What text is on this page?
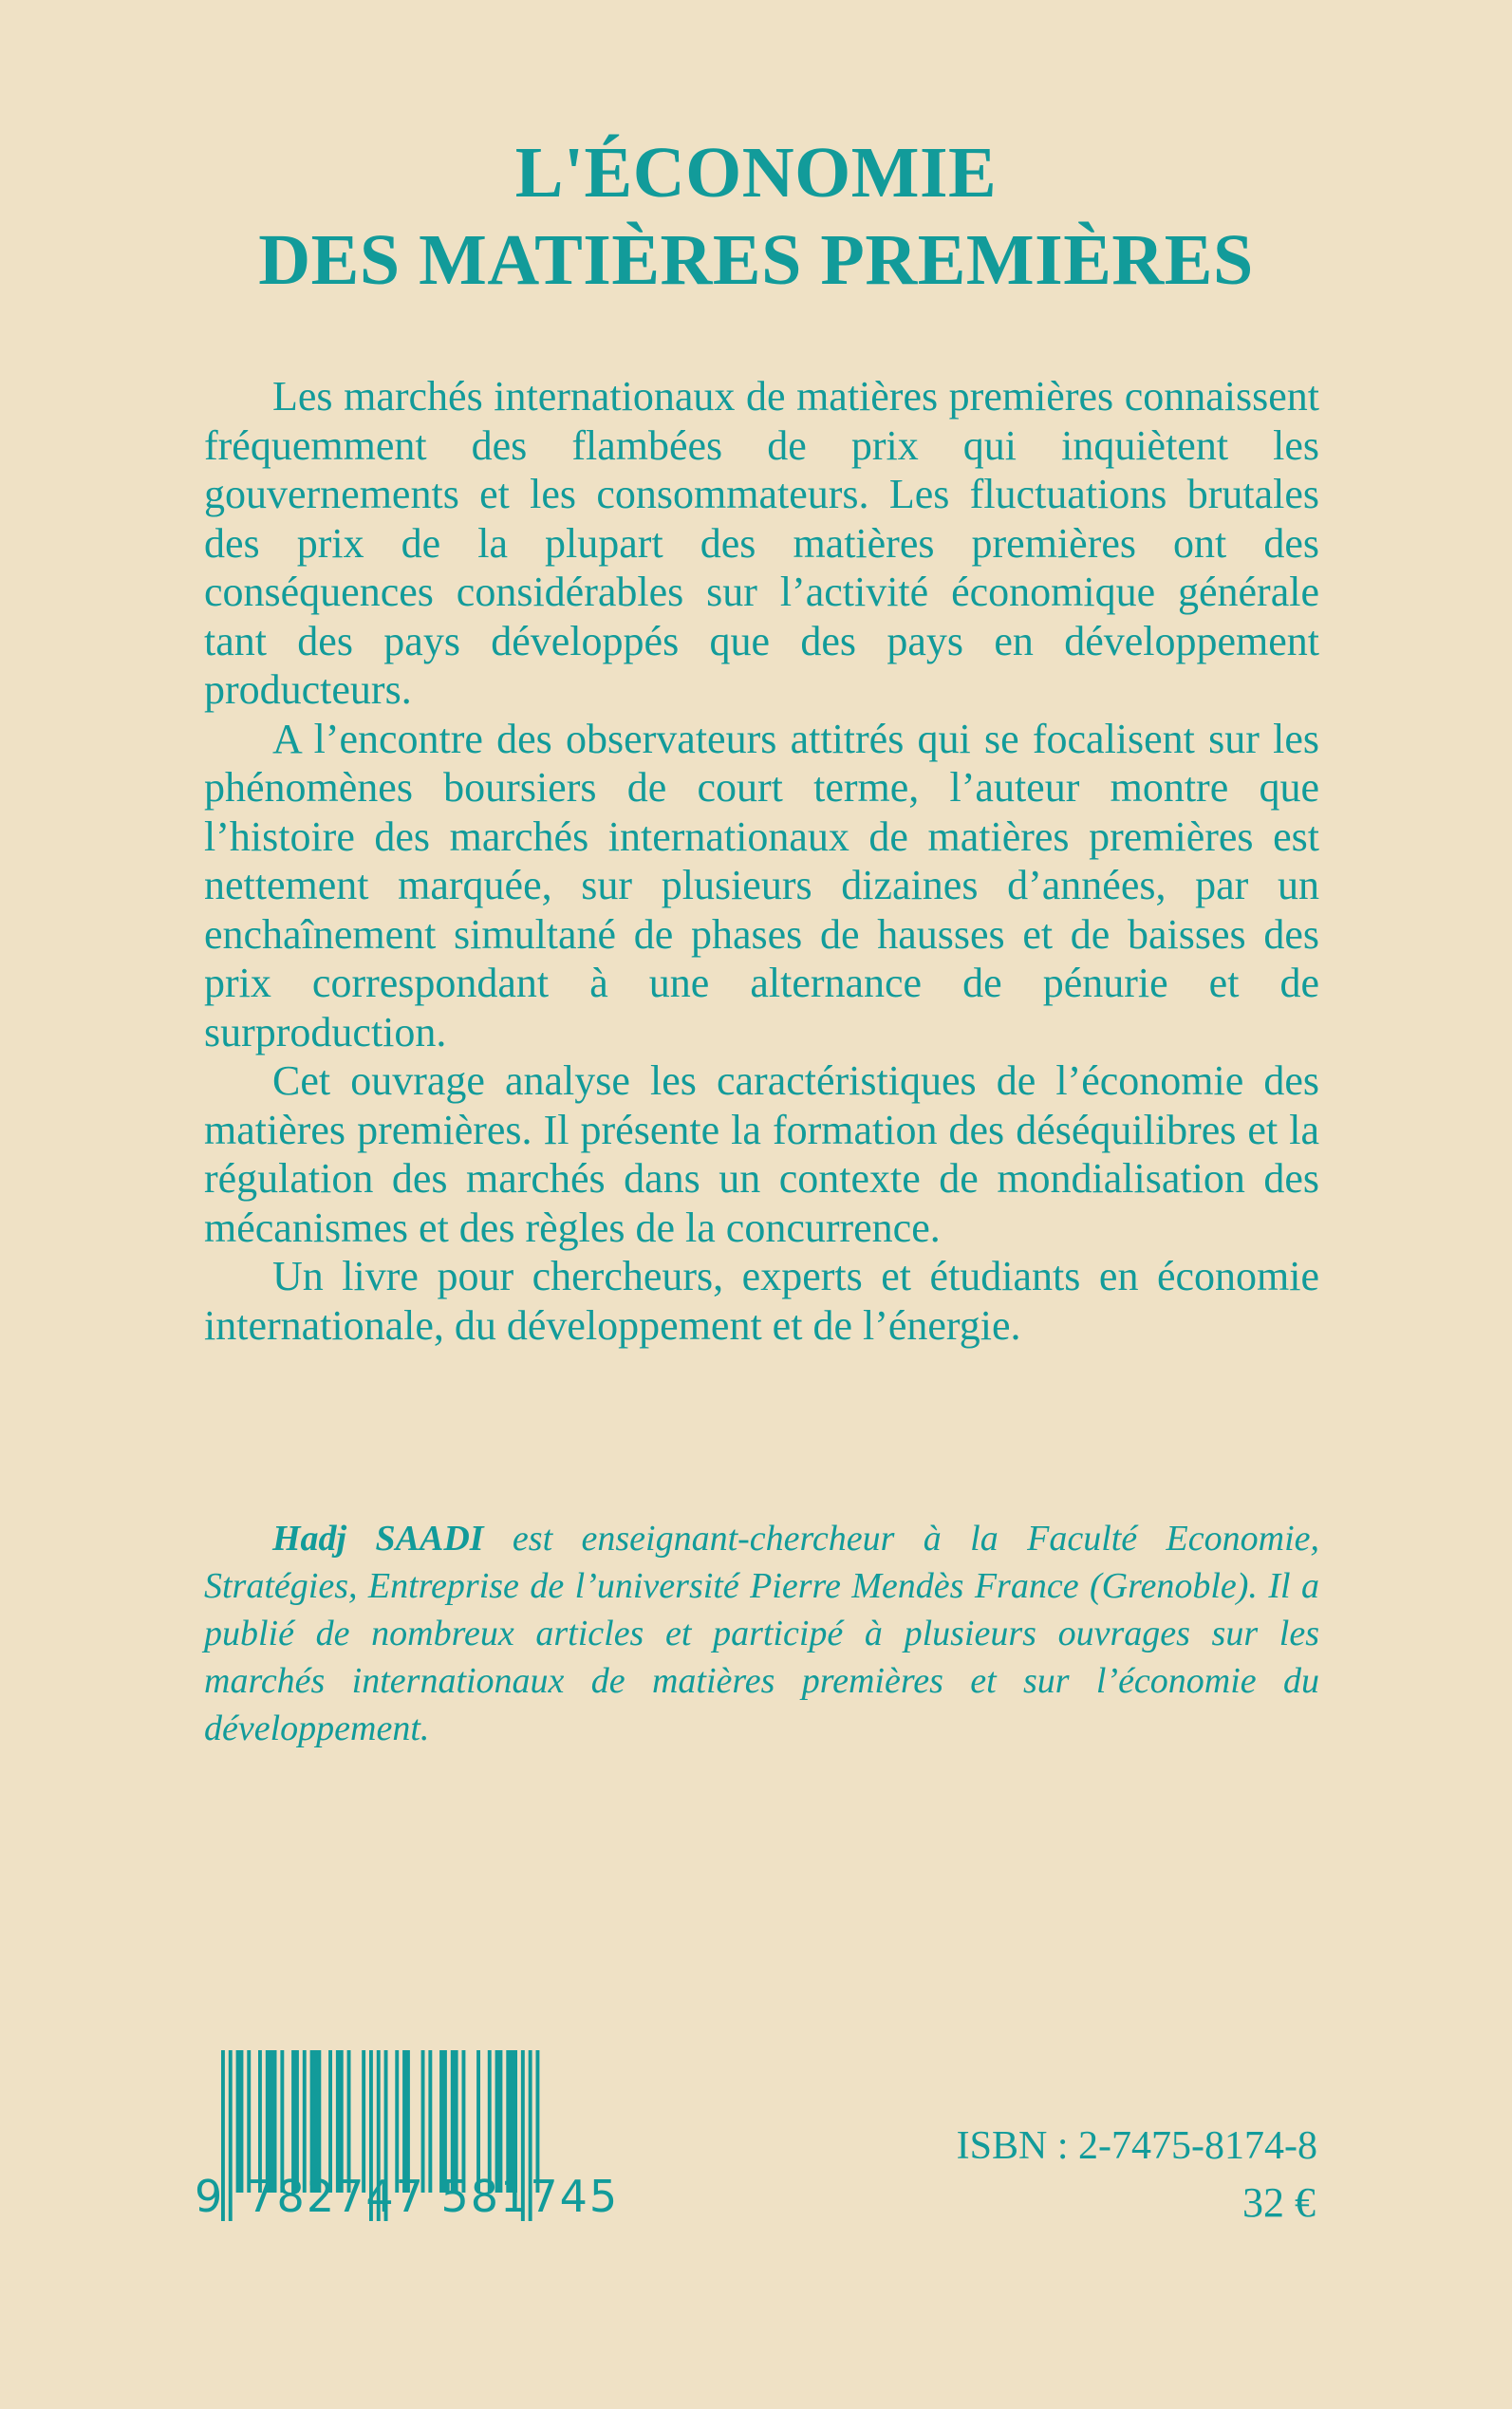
L'ÉCONOMIE
DES MATIÈRES PREMIÈRES

Les marchés internationaux de matières premières connaissent fréquemment des flambées de prix qui inquiètent les gouvernements et les consommateurs. Les fluctuations brutales des prix de la plupart des matières premières ont des conséquences considérables sur l’activité économique générale tant des pays développés que des pays en développement producteurs.

A l’encontre des observateurs attitrés qui se focalisent sur les phénomènes boursiers de court terme, l’auteur montre que l’histoire des marchés internationaux de matières premières est nettement marquée, sur plusieurs dizaines d’années, par un enchaînement simultané de phases de hausses et de baisses des prix correspondant à une alternance de pénurie et de surproduction.

Cet ouvrage analyse les caractéristiques de l’économie des matières premières. Il présente la formation des déséquilibres et la régulation des marchés dans un contexte de mondialisation des mécanismes et des règles de la concurrence.

Un livre pour chercheurs, experts et étudiants en économie internationale, du développement et de l’énergie.

Hadj SAADI est enseignant-chercheur à la Faculté Economie, Stratégies, Entreprise de l’université Pierre Mendès France (Grenoble). Il a publié de nombreux articles et participé à plusieurs ouvrages sur les marchés internationaux de matières premières et sur l’économie du développement.
9 782747 581745
ISBN : 2-7475-8174-8
32 €
